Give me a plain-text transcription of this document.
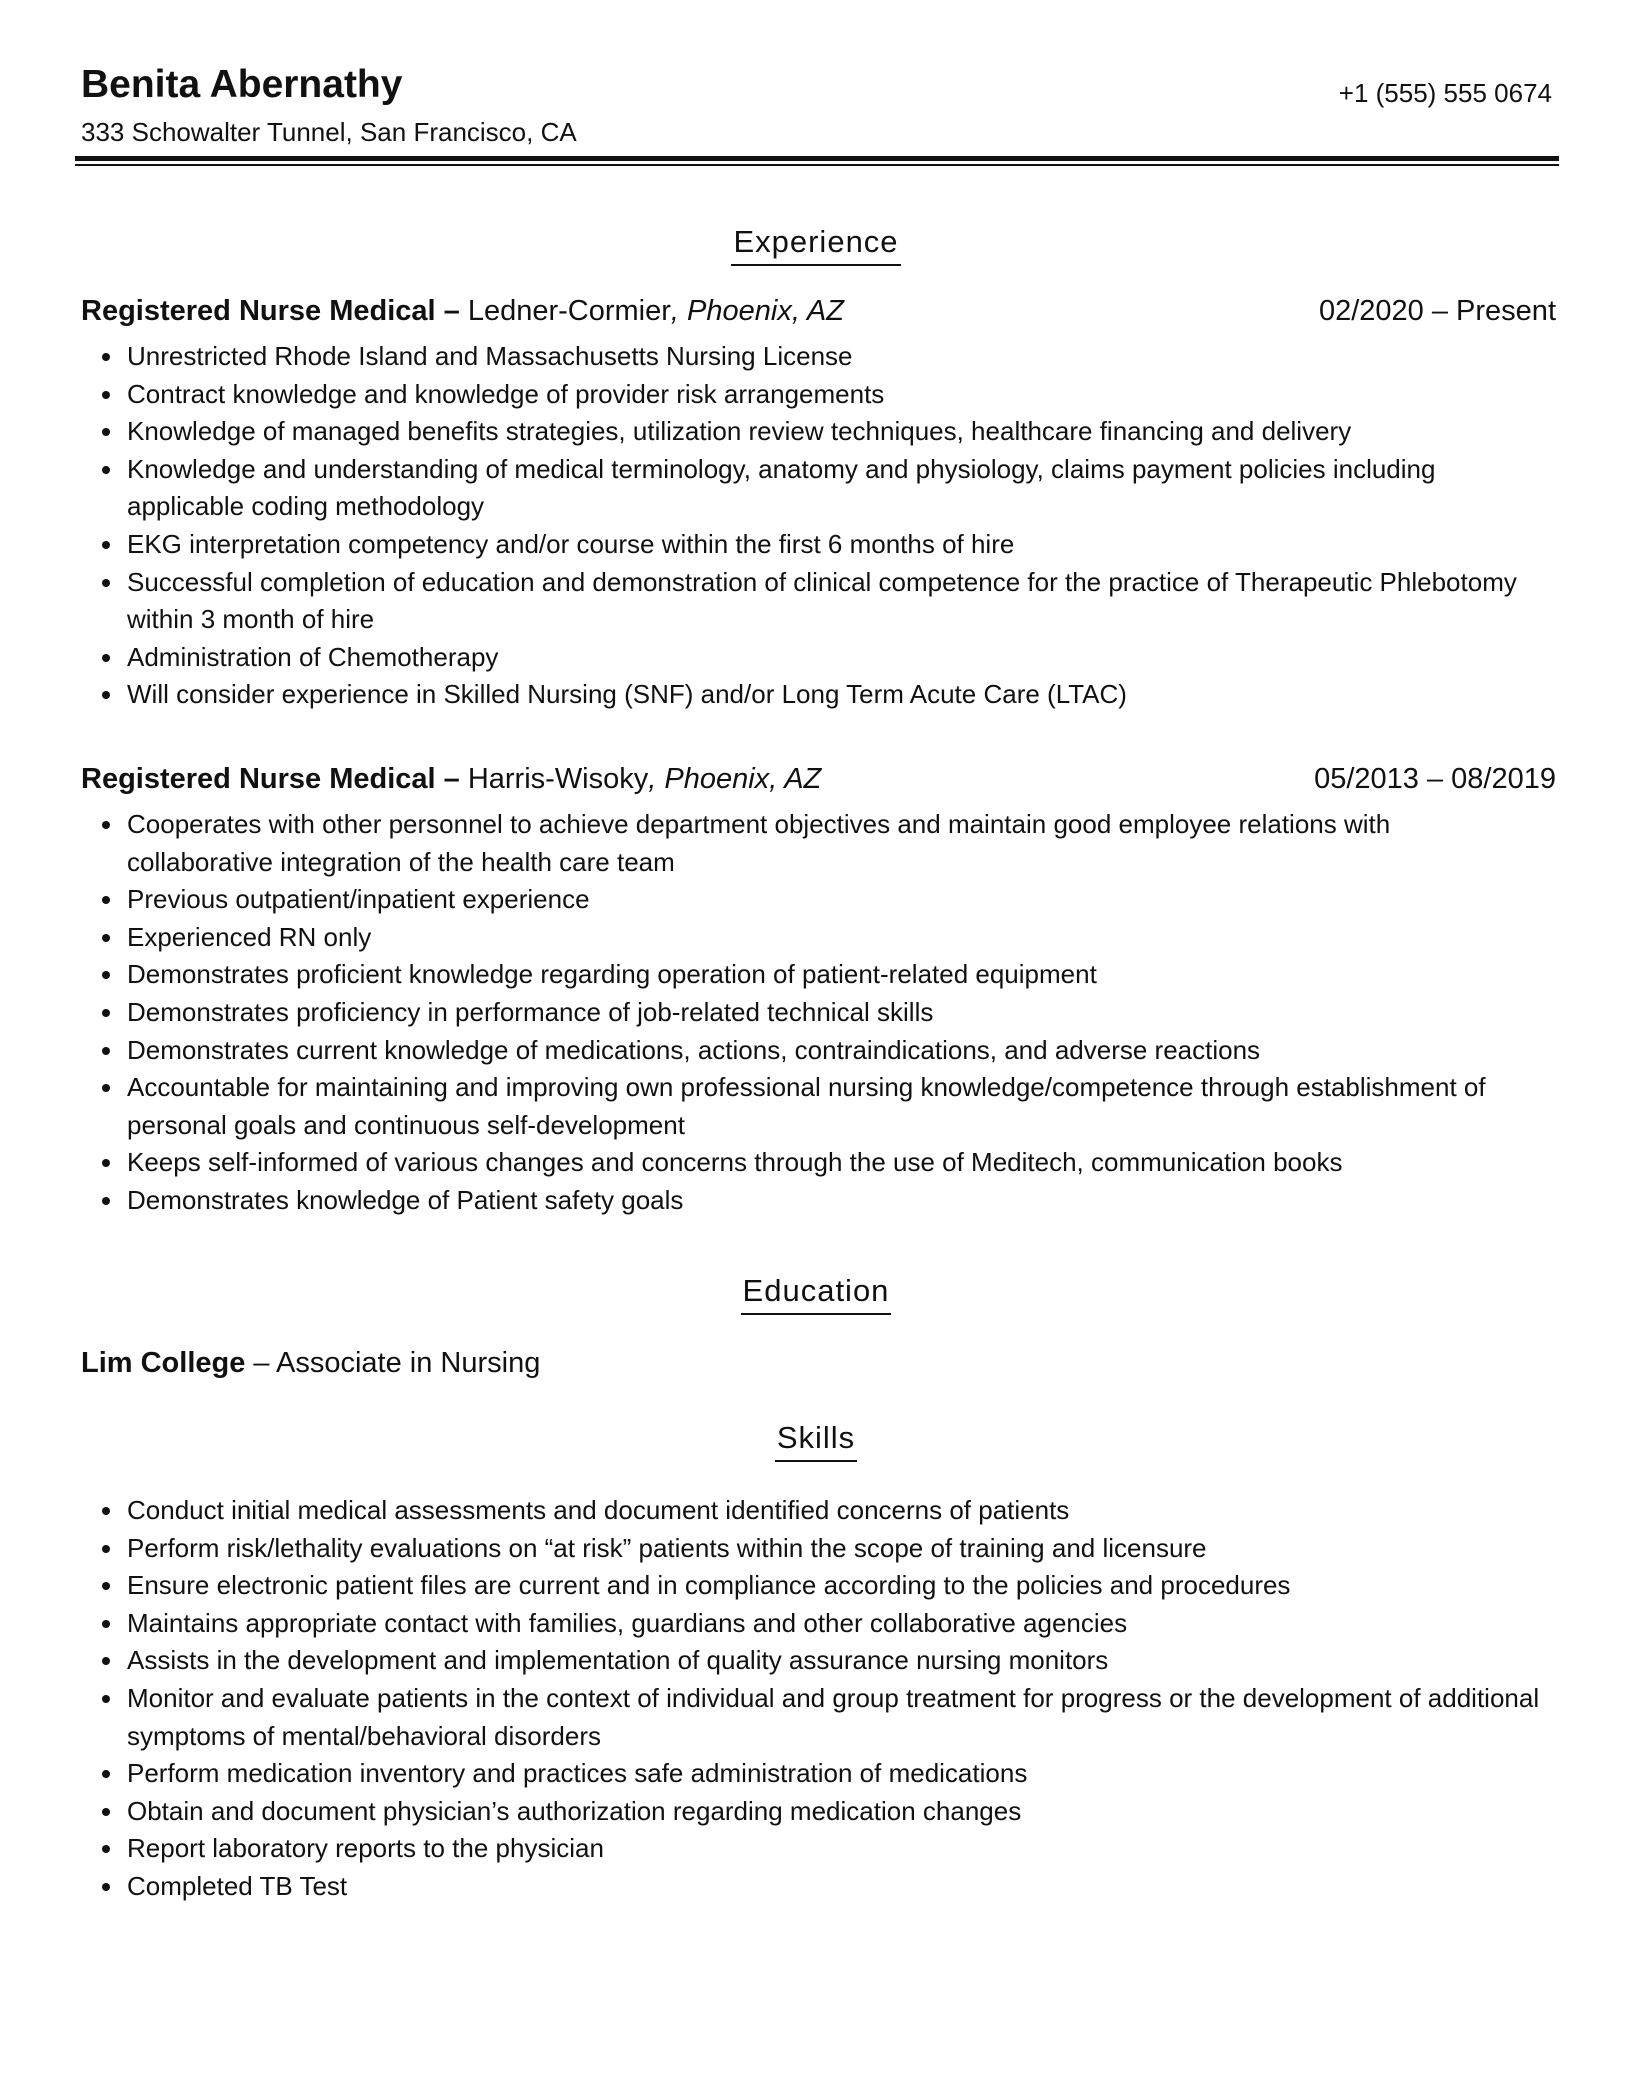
Benita Abernathy
333 Schowalter Tunnel, San Francisco, CA
+1 (555) 555 0674
Experience
Registered Nurse Medical – Ledner-Cormier, Phoenix, AZ	02/2020 – Present
Unrestricted Rhode Island and Massachusetts Nursing License
Contract knowledge and knowledge of provider risk arrangements
Knowledge of managed benefits strategies, utilization review techniques, healthcare financing and delivery
Knowledge and understanding of medical terminology, anatomy and physiology, claims payment policies including applicable coding methodology
EKG interpretation competency and/or course within the first 6 months of hire
Successful completion of education and demonstration of clinical competence for the practice of Therapeutic Phlebotomy within 3 month of hire
Administration of Chemotherapy
Will consider experience in Skilled Nursing (SNF) and/or Long Term Acute Care (LTAC)
Registered Nurse Medical – Harris-Wisoky, Phoenix, AZ	05/2013 – 08/2019
Cooperates with other personnel to achieve department objectives and maintain good employee relations with collaborative integration of the health care team
Previous outpatient/inpatient experience
Experienced RN only
Demonstrates proficient knowledge regarding operation of patient-related equipment
Demonstrates proficiency in performance of job-related technical skills
Demonstrates current knowledge of medications, actions, contraindications, and adverse reactions
Accountable for maintaining and improving own professional nursing knowledge/competence through establishment of personal goals and continuous self-development
Keeps self-informed of various changes and concerns through the use of Meditech, communication books
Demonstrates knowledge of Patient safety goals
Education
Lim College – Associate in Nursing
Skills
Conduct initial medical assessments and document identified concerns of patients
Perform risk/lethality evaluations on “at risk” patients within the scope of training and licensure
Ensure electronic patient files are current and in compliance according to the policies and procedures
Maintains appropriate contact with families, guardians and other collaborative agencies
Assists in the development and implementation of quality assurance nursing monitors
Monitor and evaluate patients in the context of individual and group treatment for progress or the development of additional symptoms of mental/behavioral disorders
Perform medication inventory and practices safe administration of medications
Obtain and document physician’s authorization regarding medication changes
Report laboratory reports to the physician
Completed TB Test
